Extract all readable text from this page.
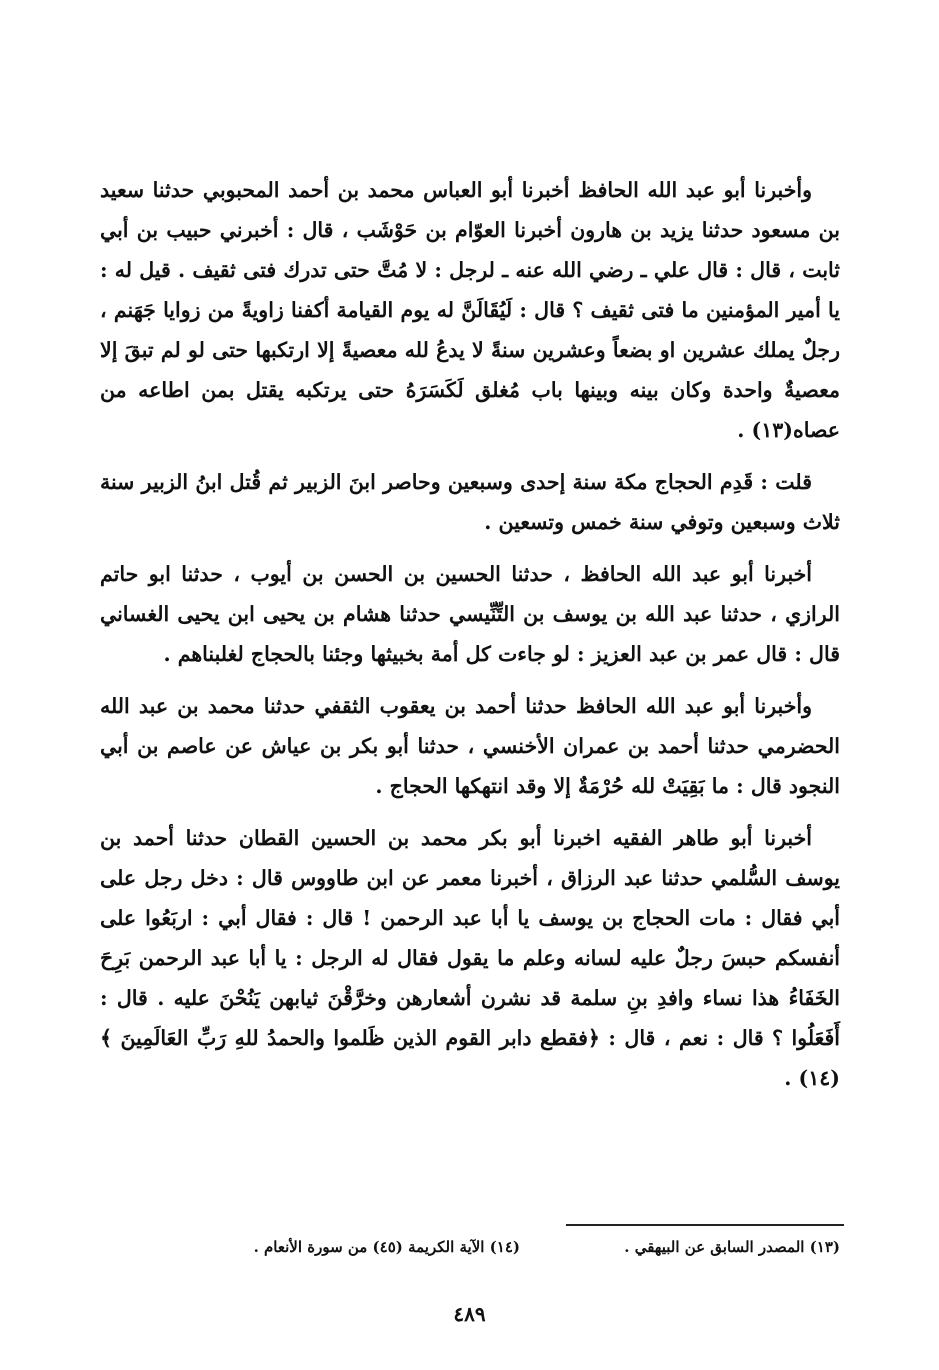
وأخبرنا أبو عبد الله الحافظ أخبرنا أبو العباس محمد بن أحمد المحبوبي حدثنا سعيد بن مسعود حدثنا يزيد بن هارون أخبرنا العوّام بن حَوْشَب ، قال : أخبرني حبيب بن أبي ثابت ، قال : قال علي ـ رضي الله عنه ـ لرجل : لا مُتَّ حتى تدرك فتى ثقيف . قيل له : يا أمير المؤمنين ما فتى ثقيف ؟ قال : لَيُقَالَنَّ له يوم القيامة أكفنا زاويةً من زوايا جَهَنم ، رجلٌ يملك عشرين او بضعاً وعشرين سنةً لا يدعُ لله معصيةً إلا ارتكبها حتى لو لم تبقَ إلا معصيةٌ واحدة وكان بينه وبينها باب مُغلق لَكَسَرَهُ حتى يرتكبه يقتل بمن اطاعه من عصاه(١٣) .

قلت : قَدِم الحجاج مكة سنة إحدى وسبعين وحاصر ابنَ الزبير ثم قُتل ابنُ الزبير سنة ثلاث وسبعين وتوفي سنة خمس وتسعين .

أخبرنا أبو عبد الله الحافظ ، حدثنا الحسين بن الحسن بن أيوب ، حدثنا ابو حاتم الرازي ، حدثنا عبد الله بن يوسف بن التِّنِّيسي حدثنا هشام بن يحيى ابن يحيى الغساني قال : قال عمر بن عبد العزيز : لو جاءت كل أمة بخبيثها وجئنا بالحجاج لغلبناهم .

وأخبرنا أبو عبد الله الحافظ حدثنا أحمد بن يعقوب الثقفي حدثنا محمد بن عبد الله الحضرمي حدثنا أحمد بن عمران الأخنسي ، حدثنا أبو بكر بن عياش عن عاصم بن أبي النجود قال : ما بَقِيَتْ لله حُرْمَةٌ إلا وقد انتهكها الحجاج .

أخبرنا أبو طاهر الفقيه اخبرنا أبو بكر محمد بن الحسين القطان حدثنا أحمد بن يوسف السُّلمي حدثنا عبد الرزاق ، أخبرنا معمر عن ابن طاووس قال : دخل رجل على أبي فقال : مات الحجاج بن يوسف يا أبا عبد الرحمن ! قال : فقال أبي : اربَعُوا على أنفسكم حبسَ رجلٌ عليه لسانه وعلم ما يقول فقال له الرجل : يا أبا عبد الرحمن بَرِحَ الخَفَاءُ هذا نساء وافدِ بنِ سلمة قد نشرن أشعارهن وخرَّقْنَ ثيابهن يَنُحْنَ عليه . قال : أَفَعَلُوا ؟ قال : نعم ، قال : ﴿فقطع دابر القوم الذين ظَلموا والحمدُ للهِ رَبِّ العَالَمِينَ ﴾(١٤) .

(١٣) المصدر السابق عن البيهقي .
(١٤) الآية الكريمة (٤٥) من سورة الأنعام .
٤٨٩
